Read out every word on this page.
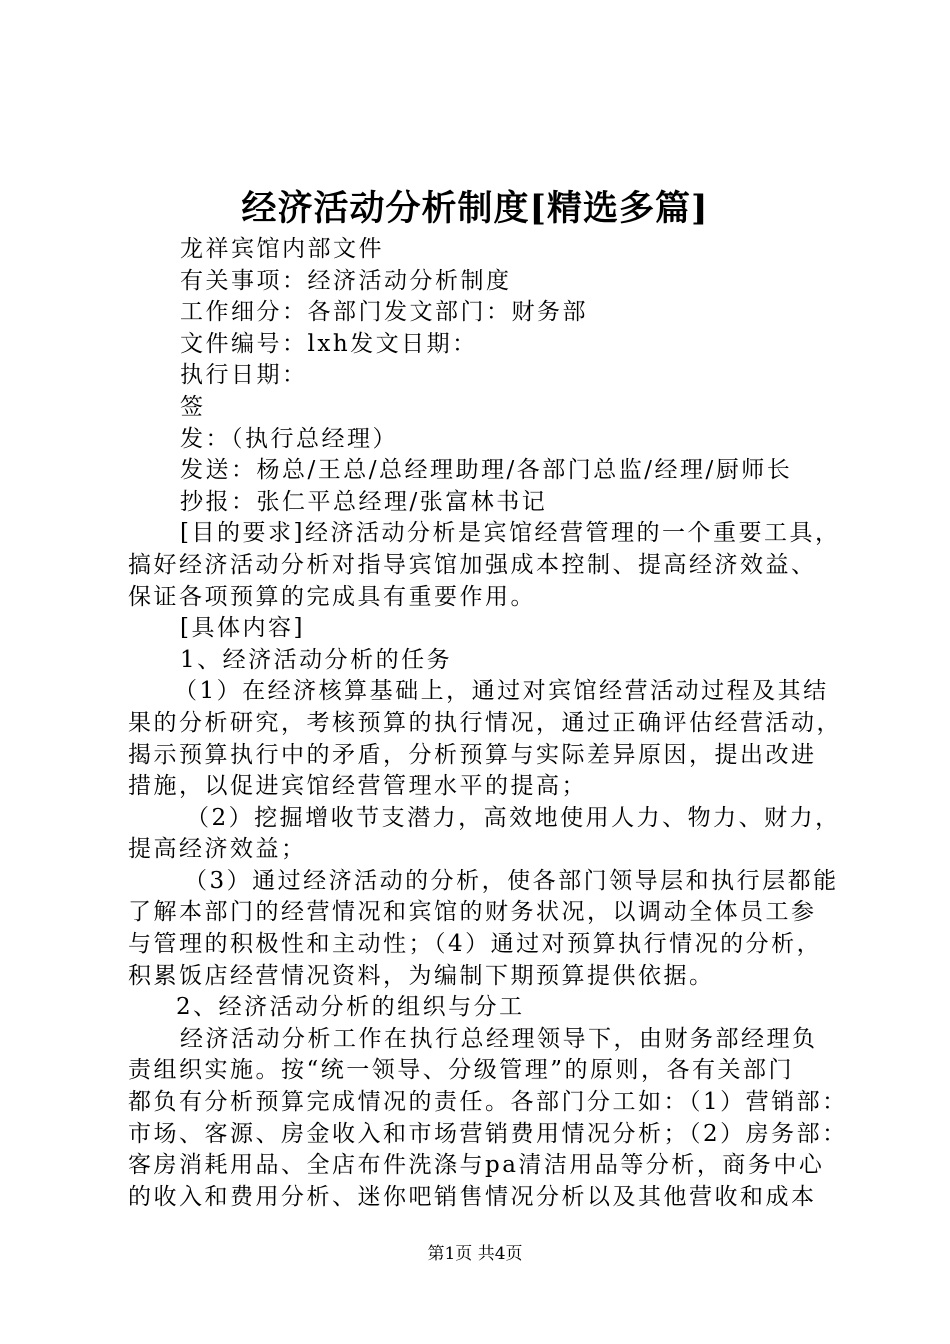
经济活动分析制度[精选多篇]
龙祥宾馆内部文件
有关事项：经济活动分析制度
工作细分：各部门发文部门：财务部
文件编号：lxh发文日期：
执行日期：
签
发：（执行总经理）
发送：杨总/王总/总经理助理/各部门总监/经理/厨师长
抄报：张仁平总经理/张富林书记
[目的要求]经济活动分析是宾馆经营管理的一个重要工具，
搞好经济活动分析对指导宾馆加强成本控制、提高经济效益、
保证各项预算的完成具有重要作用。
[具体内容]
1、经济活动分析的任务
（1）在经济核算基础上，通过对宾馆经营活动过程及其结
果的分析研究，考核预算的执行情况，通过正确评估经营活动，
揭示预算执行中的矛盾，分析预算与实际差异原因，提出改进
措施，以促进宾馆经营管理水平的提高；
（2）挖掘增收节支潜力，高效地使用人力、物力、财力，
提高经济效益；
（3）通过经济活动的分析，使各部门领导层和执行层都能
了解本部门的经营情况和宾馆的财务状况，以调动全体员工参
与管理的积极性和主动性；（4）通过对预算执行情况的分析，
积累饭店经营情况资料，为编制下期预算提供依据。
2、经济活动分析的组织与分工
经济活动分析工作在执行总经理领导下，由财务部经理负
责组织实施。按“统一领导、分级管理”的原则，各有关部门
都负有分析预算完成情况的责任。各部门分工如：（1）营销部：
市场、客源、房金收入和市场营销费用情况分析；（2）房务部：
客房消耗用品、全店布件洗涤与pa清洁用品等分析，商务中心
的收入和费用分析、迷你吧销售情况分析以及其他营收和成本
第1页 共4页
